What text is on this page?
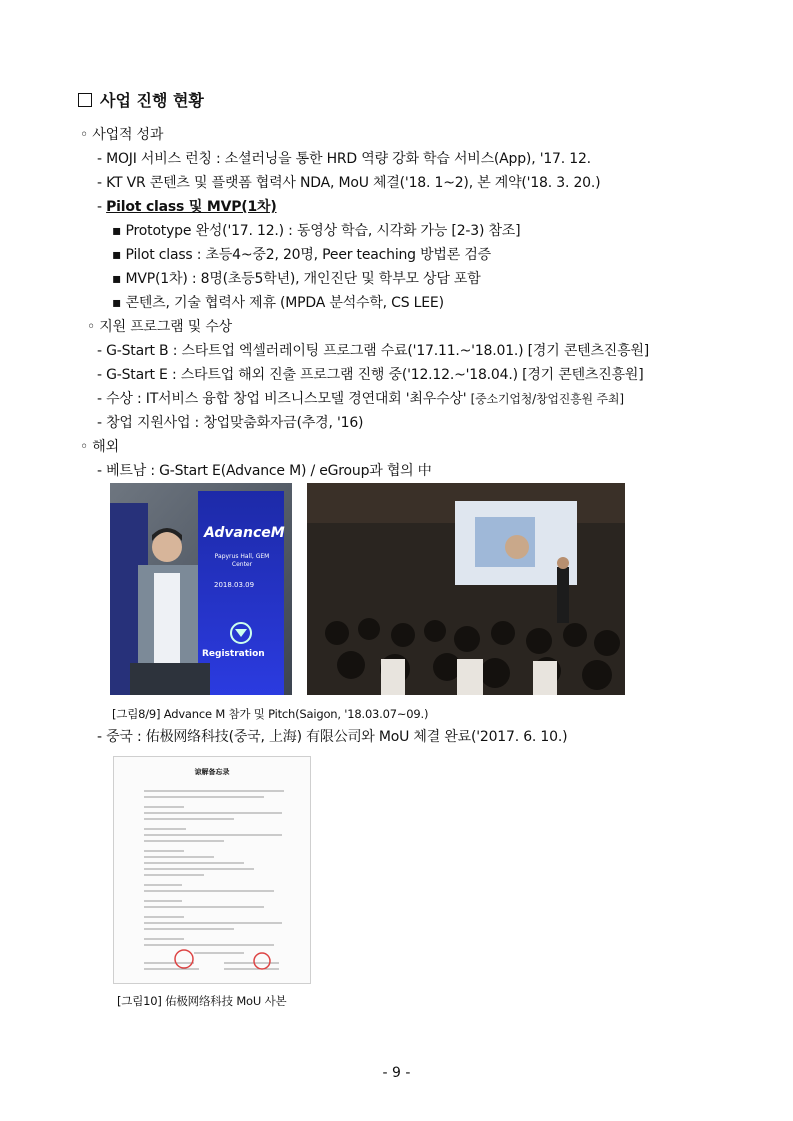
사업 진행 현황
◦ 사업적 성과
- MOJI 서비스 런칭 : 소셜러닝을 통한 HRD 역량 강화 학습 서비스(App), '17. 12.
- KT VR 콘텐츠 및 플랫폼 협력사 NDA, MoU 체결('18. 1~2), 본 계약('18. 3. 20.)
- Pilot class 및 MVP(1차)
▪ Prototype 완성('17. 12.) : 동영상 학습, 시각화 가능 [2-3) 참조]
▪ Pilot class : 초등4~중2, 20명, Peer teaching 방법론 검증
▪ MVP(1차) : 8명(초등5학년), 개인진단 및 학부모 상담 포함
▪ 콘텐츠, 기술 협력사 제휴 (MPDA 분석수학, CS LEE)
◦ 지원 프로그램 및 수상
- G-Start B : 스타트업 엑셀러레이팅 프로그램 수료('17.11.~'18.01.) [경기 콘텐츠진흥원]
- G-Start E : 스타트업 해외 진출 프로그램 진행 중('12.12.~'18.04.) [경기 콘텐츠진흥원]
- 수상 : IT서비스 융합 창업 비즈니스모델 경연대회 '최우수상' [중소기업청/창업진흥원 주최]
- 창업 지원사업 : 창업맞춤화자금(추경, '16)
◦ 해외
- 베트남 : G-Start E(Advance M) / eGroup과 협의 中
AdvanceM
Papyrus Hall, GEM Center
2018.03.09
Registration
[그림8/9] Advance M 참가 및 Pitch(Saigon, '18.03.07~09.)
- 중국 : 佑极网络科技(중국, 上海) 有限公司와 MoU 체결 완료('2017. 6. 10.)
谅解备忘录
[그림10] 佑极网络科技 MoU 사본
- 9 -
